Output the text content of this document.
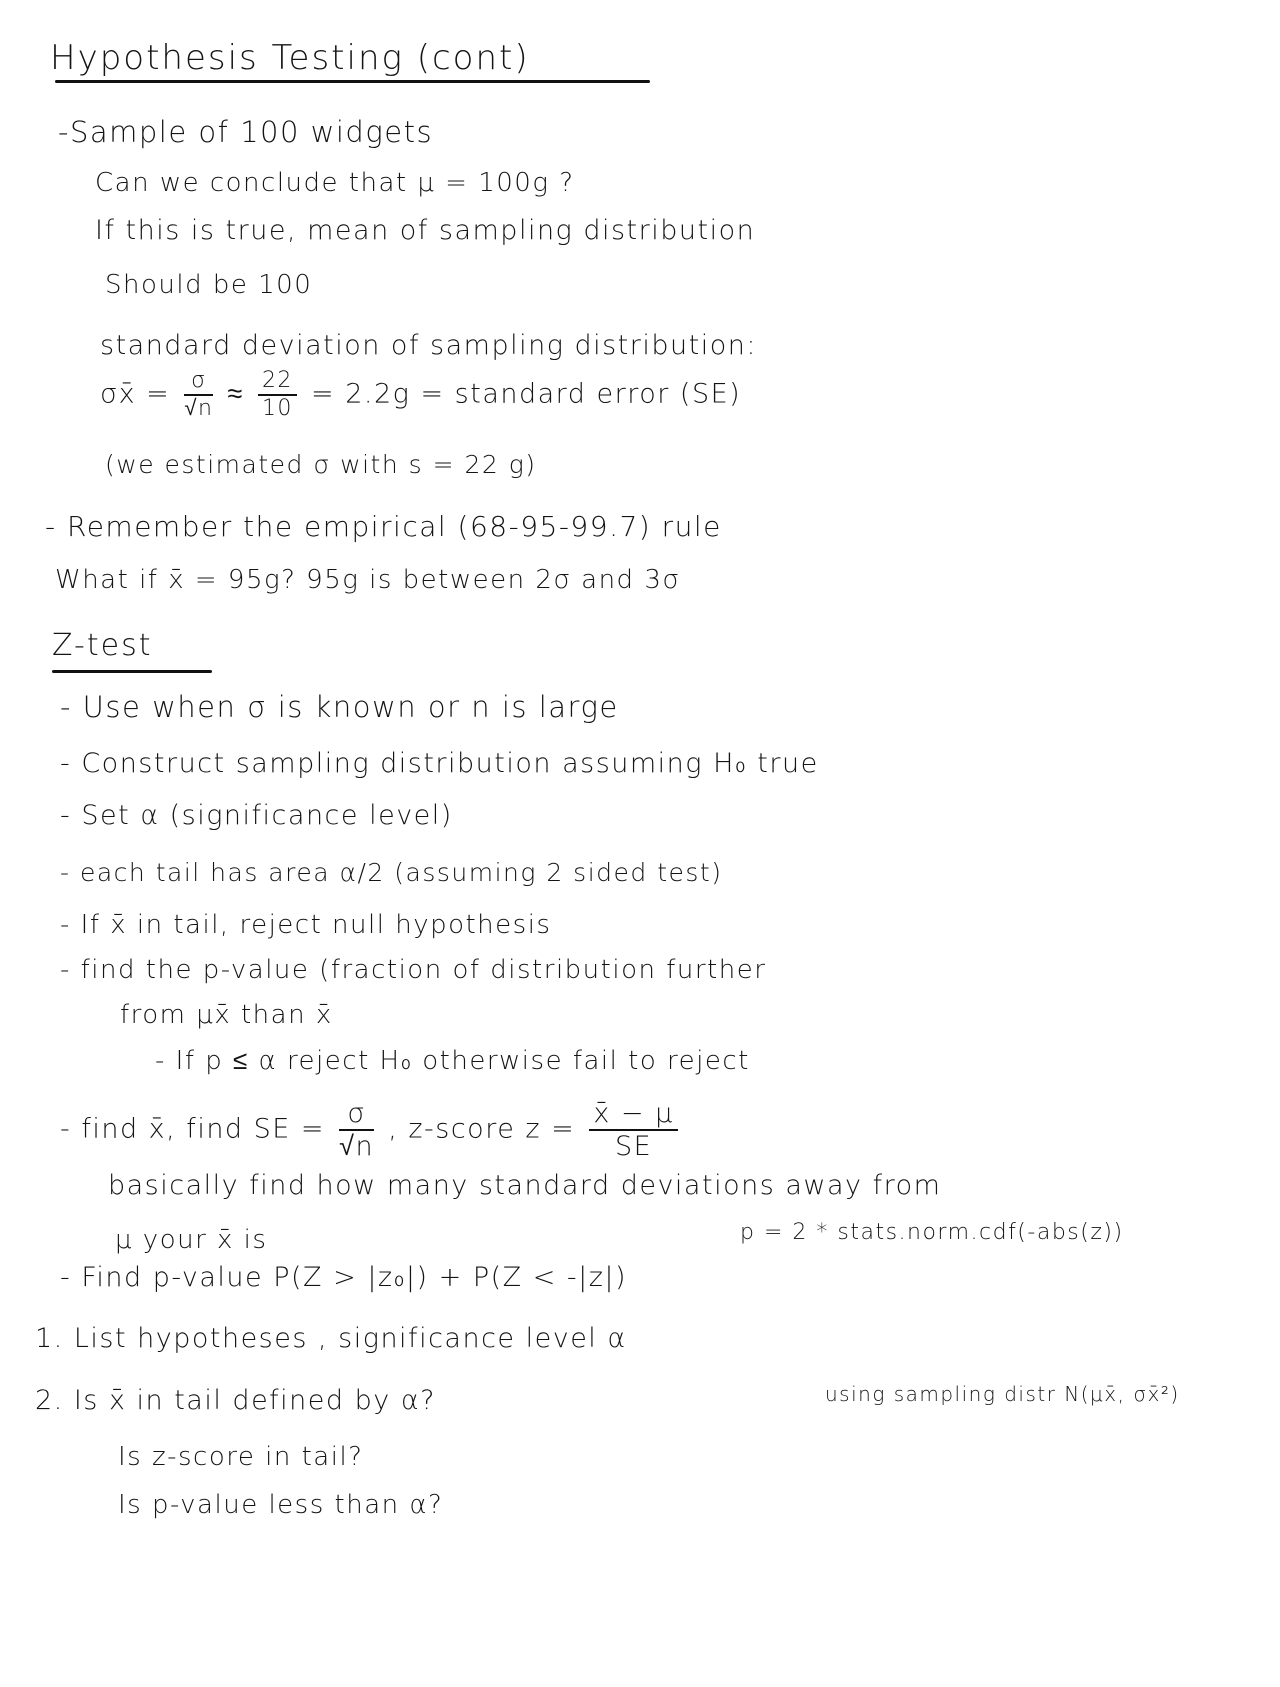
Hypothesis Testing (cont)
-Sample of 100 widgets
Can we conclude that μ = 100g ?
If this is true, mean of sampling distribution
Should be 100
standard deviation of sampling distribution:
σx̄ = $\frac{\sigma}{√n} \approx \frac{22}{10} = 2.2g$ = standard error (SE)
(we estimated σ with s = 22 g)
- Remember the empirical (68-95-99.7) rule
What if x̄ = 95g? 95g is between 2σ and 3σ
Z-test
- Use when σ is known or n is large
- Construct sampling distribution assuming H₀ true
- Set α (significance level)
- each tail has area α/2 (assuming 2 sided test)
- If x̄ in tail, reject null hypothesis
- find the p-value (fraction of distribution further
from μx̄ than x̄
- If p ≤ α reject H₀ otherwise fail to reject
- find x̄, find SE = $\frac{\sigma}{√n}$ , z-score $z = \frac{x̄ - \mu}{SE}$
basically find how many standard deviations away from
μ your x̄ is	p = 2 * stats.norm.cdf(-abs(z))
- Find p-value P(Z > |z₀|) + P(Z < -|z|)
1. List hypotheses , significance level α
2. Is x̄ in tail defined by α?	using sampling distr N(μx̄, σx̄²)
Is z-score in tail?
Is p-value less than α?
